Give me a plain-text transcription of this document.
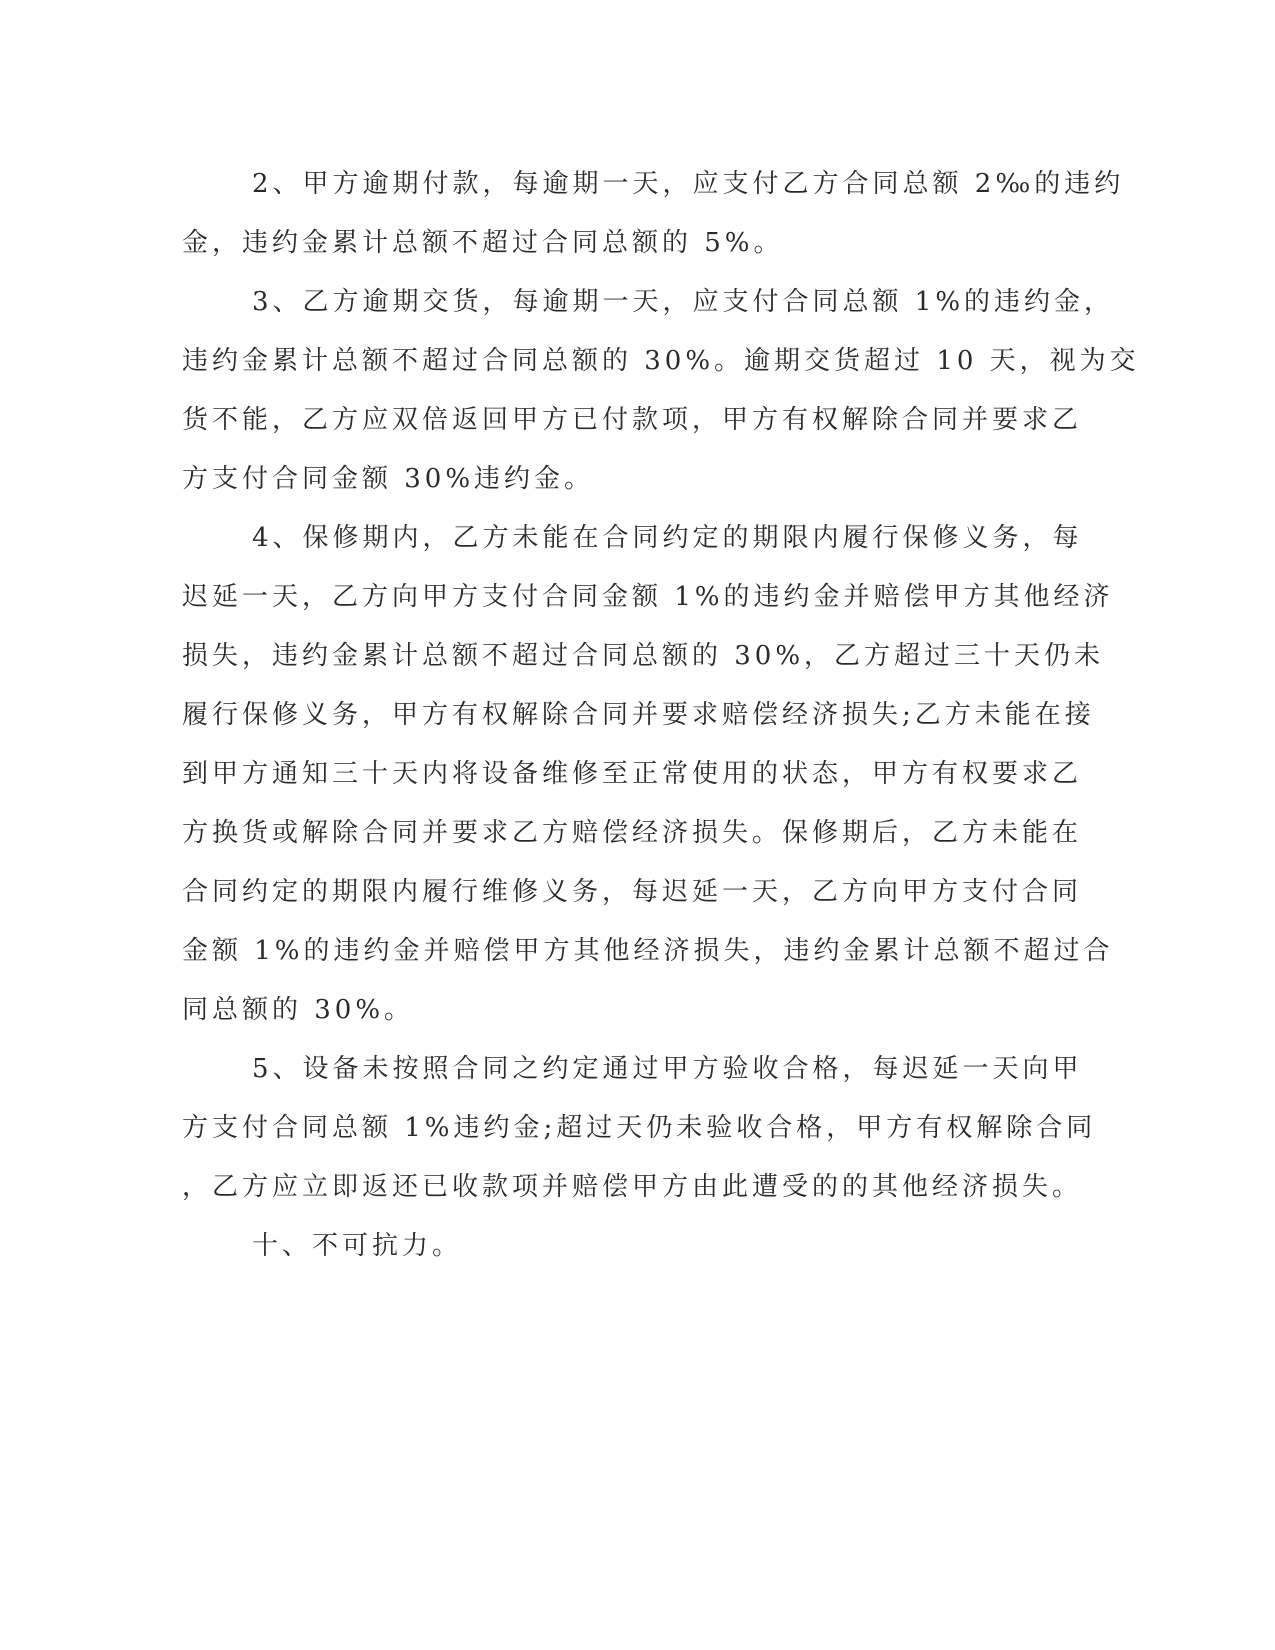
2、甲方逾期付款，每逾期一天，应支付乙方合同总额 2‰的违约
金，违约金累计总额不超过合同总额的 5%。

3、乙方逾期交货，每逾期一天，应支付合同总额 1%的违约金，
违约金累计总额不超过合同总额的 30%。逾期交货超过 10 天，视为交
货不能，乙方应双倍返回甲方已付款项，甲方有权解除合同并要求乙
方支付合同金额 30%违约金。

4、保修期内，乙方未能在合同约定的期限内履行保修义务，每
迟延一天，乙方向甲方支付合同金额 1%的违约金并赔偿甲方其他经济
损失，违约金累计总额不超过合同总额的 30%，乙方超过三十天仍未
履行保修义务，甲方有权解除合同并要求赔偿经济损失;乙方未能在接
到甲方通知三十天内将设备维修至正常使用的状态，甲方有权要求乙
方换货或解除合同并要求乙方赔偿经济损失。保修期后，乙方未能在
合同约定的期限内履行维修义务，每迟延一天，乙方向甲方支付合同
金额 1%的违约金并赔偿甲方其他经济损失，违约金累计总额不超过合
同总额的 30%。

5、设备未按照合同之约定通过甲方验收合格，每迟延一天向甲
方支付合同总额 1%违约金;超过天仍未验收合格，甲方有权解除合同
，乙方应立即返还已收款项并赔偿甲方由此遭受的的其他经济损失。

十、不可抗力。
